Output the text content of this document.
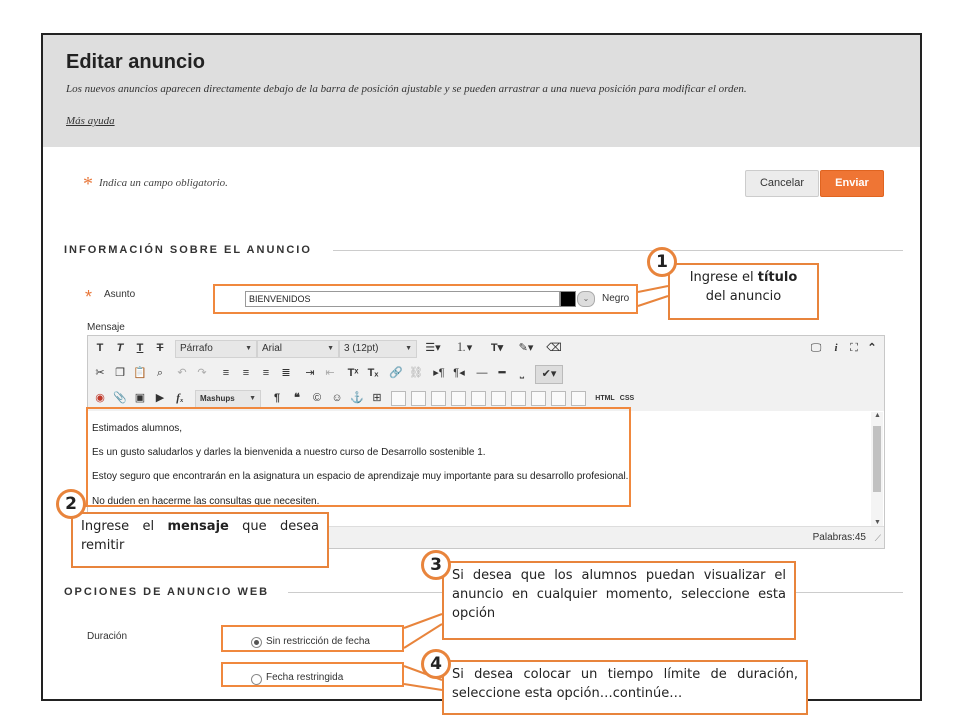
Editar anuncio
Los nuevos anuncios aparecen directamente debajo de la barra de posición ajustable y se pueden arrastrar a una nueva posición para modificar el orden.
Más ayuda
* Indica un campo obligatorio.	Cancelar	Enviar
INFORMACIÓN SOBRE EL ANUNCIO
* Asunto	BIENVENIDOS	⌄	Negro
Mensaje
T	T	T	T	Párrafo	▼	Arial	▼	3 (12pt)	▼ ☰▾	⒈▾	T▾	✎▾	⌫	🖵	i	⛶ ⌃
✂ ❐ 📋 ⌕	↶ ↷	≡	≡	≡	≣	⇥ ⇤	Tˣ Tₓ 🔗 ⛓ ▸¶ ¶◂ —	━	⎵	✔▾
◉ 📎 ▣ ▶	fₓ	Mashups ▼	¶	❝	© ☺ ⚓ ⊞	HTML CSS
Estimados alumnos,
Es un gusto saludarlos y darles la bienvenida a nuestro curso de Desarrollo sostenible 1.
Estoy seguro que encontrarán en la asignatura un espacio de aprendizaje muy importante para su desarrollo profesional.
No duden en hacerme las consultas que necesiten.
▲
▼
Palabras:45 ⟋
OPCIONES DE ANUNCIO WEB
Duración	Sin restricción de fecha
Fecha restringida
Ingrese el título
del anuncio
1
Ingrese el mensaje que desea remitir
2
Si desea que los alumnos puedan visualizar el anuncio en cualquier momento, seleccione esta opción
3
Si desea colocar un tiempo límite de duración, seleccione esta opción…continúe…
4
